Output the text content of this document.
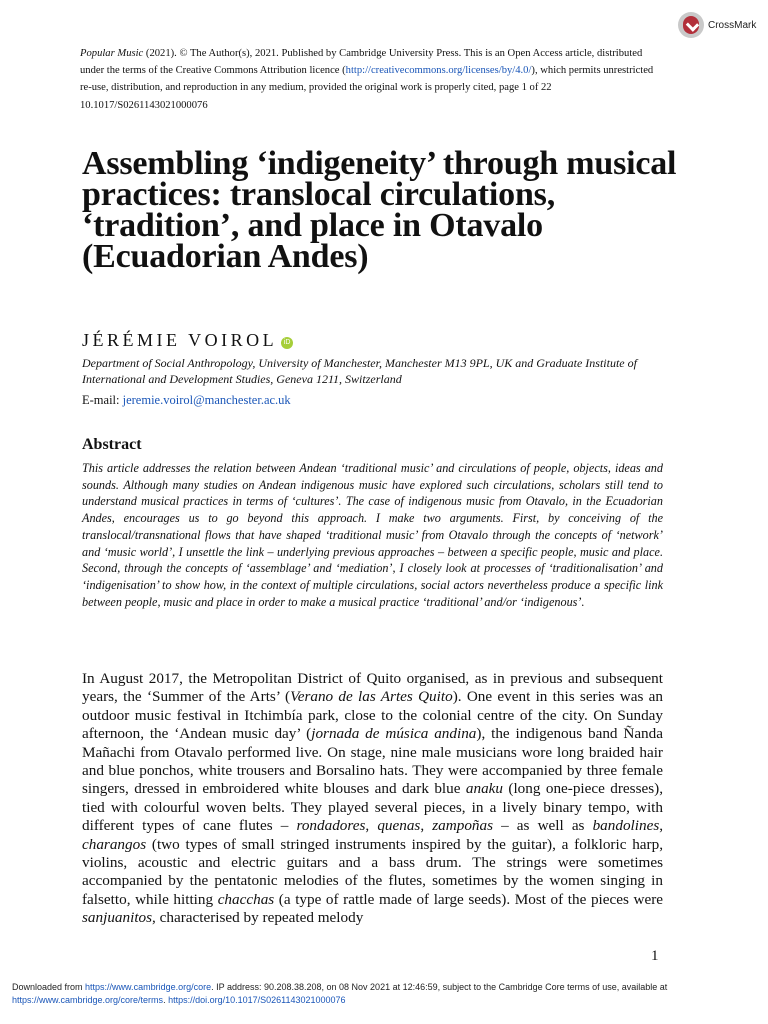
CrossMark
Popular Music (2021). © The Author(s), 2021. Published by Cambridge University Press. This is an Open Access article, distributed under the terms of the Creative Commons Attribution licence (http://creativecommons.org/licenses/by/4.0/), which permits unrestricted re-use, distribution, and reproduction in any medium, provided the original work is properly cited, page 1 of 22
10.1017/S0261143021000076
Assembling ‘indigeneity’ through musical practices: translocal circulations, ‘tradition’, and place in Otavalo (Ecuadorian Andes)
JÉRÉMIE VOIROL iD
Department of Social Anthropology, University of Manchester, Manchester M13 9PL, UK and Graduate Institute of International and Development Studies, Geneva 1211, Switzerland
E-mail: jeremie.voirol@manchester.ac.uk
Abstract
This article addresses the relation between Andean ‘traditional music’ and circulations of people, objects, ideas and sounds. Although many studies on Andean indigenous music have explored such circulations, scholars still tend to understand musical practices in terms of ‘cultures’. The case of indigenous music from Otavalo, in the Ecuadorian Andes, encourages us to go beyond this approach. I make two arguments. First, by conceiving of the translocal/transnational flows that have shaped ‘traditional music’ from Otavalo through the concepts of ‘network’ and ‘music world’, I unsettle the link – underlying previous approaches – between a specific people, music and place. Second, through the concepts of ‘assemblage’ and ‘mediation’, I closely look at processes of ‘traditionalisation’ and ‘indigenisation’ to show how, in the context of multiple circulations, social actors nevertheless produce a specific link between people, music and place in order to make a musical practice ‘traditional’ and/or ‘indigenous’.
In August 2017, the Metropolitan District of Quito organised, as in previous and subsequent years, the ‘Summer of the Arts’ (Verano de las Artes Quito). One event in this series was an outdoor music festival in Itchimbía park, close to the colonial centre of the city. On Sunday afternoon, the ‘Andean music day’ (jornada de música andina), the indigenous band Ñanda Mañachi from Otavalo performed live. On stage, nine male musicians wore long braided hair and blue ponchos, white trousers and Borsalino hats. They were accompanied by three female singers, dressed in embroidered white blouses and dark blue anaku (long one-piece dresses), tied with colourful woven belts. They played several pieces, in a lively binary tempo, with different types of cane flutes – rondadores, quenas, zampoñas – as well as bandolines, charangos (two types of small stringed instruments inspired by the guitar), a folkloric harp, violins, acoustic and electric guitars and a bass drum. The strings were sometimes accompanied by the pentatonic melodies of the flutes, sometimes by the women singing in falsetto, while hitting chacchas (a type of rattle made of large seeds). Most of the pieces were sanjuanitos, characterised by repeated melody
1
Downloaded from https://www.cambridge.org/core. IP address: 90.208.38.208, on 08 Nov 2021 at 12:46:59, subject to the Cambridge Core terms of use, available at https://www.cambridge.org/core/terms. https://doi.org/10.1017/S0261143021000076
